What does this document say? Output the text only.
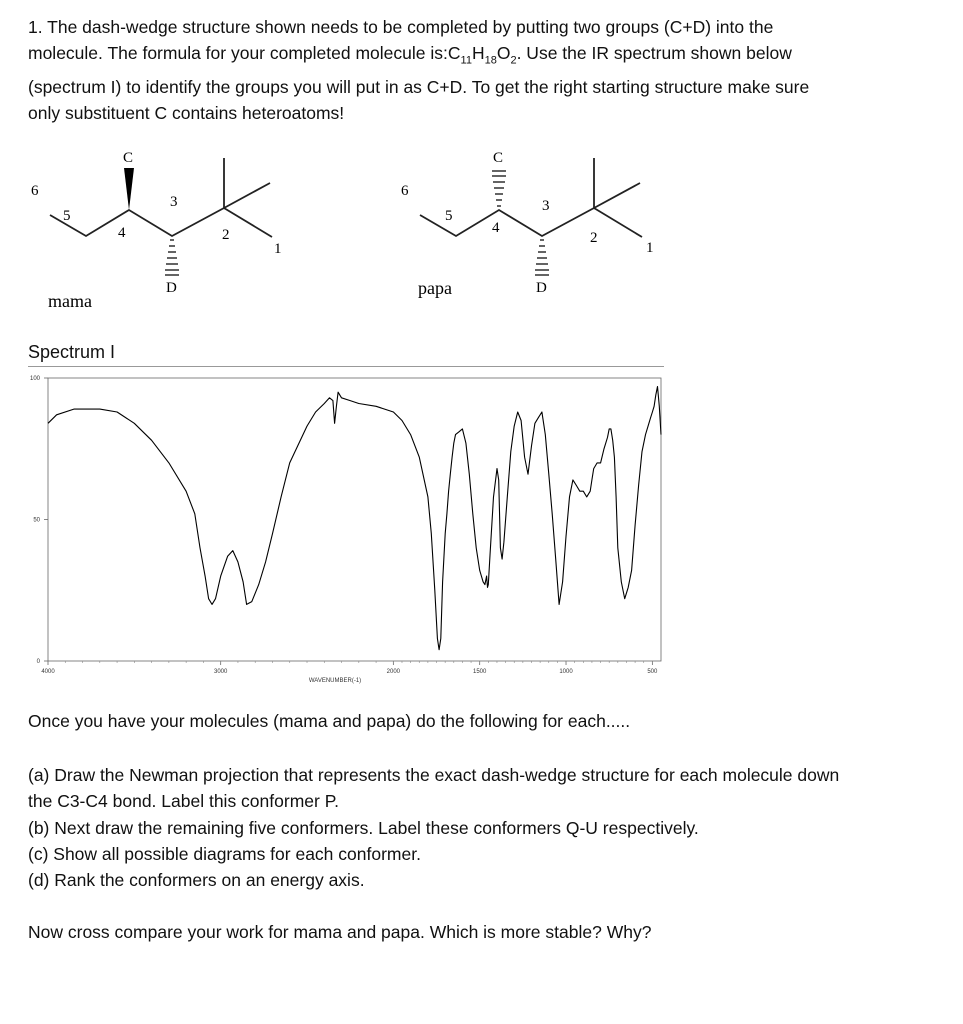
1. The dash-wedge structure shown needs to be completed by putting two groups (C+D) into the
molecule. The formula for your completed molecule $is:C_{11}H_{18}O_2$. Use the IR spectrum shown below
(spectrum I) to identify the groups you will put in as C+D. To get the right starting structure make sure
only substituent C contains heteroatoms!
C
D
6
5
4
3
2
1
mama
C
D
6
5
4
3
2
1
papa
Spectrum I
4000	3000	2000	1500	1000	500
100
50
0
WAVENUMBER(-1)
Once you have your molecules (mama and papa) do the following for each.....
(a) Draw the Newman projection that represents the exact dash-wedge structure for each molecule down
the C3-C4 bond. Label this conformer P.
(b) Next draw the remaining five conformers. Label these conformers Q-U respectively.
(c) Show all possible diagrams for each conformer.
(d) Rank the conformers on an energy axis.
Now cross compare your work for mama and papa. Which is more stable? Why?
